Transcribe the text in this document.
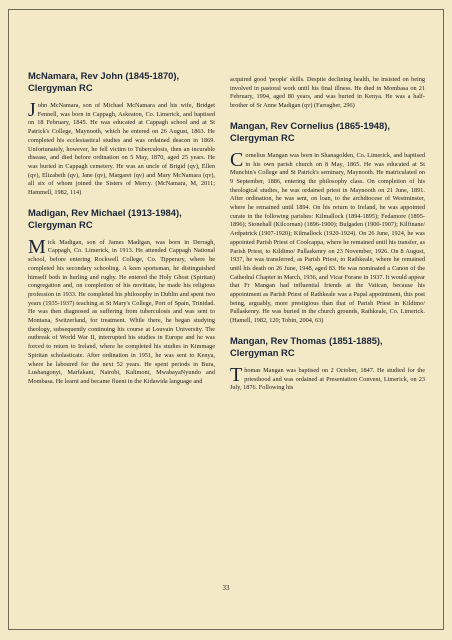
McNamara, Rev John (1845-1870), Clergyman RC

John McNamara, son of Michael McNamara and his wife, Bridget Fennell, was born in Cappagh, Askeaton, Co. Limerick, and baptised on 18 February, 1845. He was educated at Cappagh school and at St Patrick's College, Maynooth, which he entered on 26 August, 1863. He completed his ecclesiastical studies and was ordained deacon in 1869. Unfortunately, however, he fell victim to Tuberculosis, then an incurable disease, and died before ordination on 5 May, 1870, aged 25 years. He was buried in Cappagh cemetery. He was an uncle of Brigid (qv), Ellen (qv), Elizabeth (qv), Jane (qv), Margaret (qv) and Mary McNamara (qv), all six of whom joined the Sisters of Mercy. (McNamara, M, 2011; Hammell, 1982, 114)

Madigan, Rev Michael (1913-1984), Clergyman RC

Mick Madigan, son of James Madigan, was born in Derragh, Cappagh, Co. Limerick, in 1913. He attended Cappagh National school, before entering Rockwell College, Co. Tipperary, where he completed his secondary schooling. A keen sportsman, he distinguished himself both in hurling and rugby. He entered the Holy Ghost (Spiritan) congregation and, on completion of his novitiate, he made his religious profession in 1933. He completed his philosophy in Dublin and spent two years (1935-1937) teaching at St Mary's College, Port of Spain, Trinidad. He was then diagnosed as suffering from tuberculosis and was sent to Montana, Switzerland, for treatment. While there, he began studying theology, subsequently continuing his course at Louvain University. The outbreak of World War II, interrupted his studies in Europe and he was forced to return to Ireland, where he completed his studies in Kimmage Spiritan scholasticate. After ordination in 1951, he was sent to Kenya, where he laboured for the next 52 years. He spent periods in Bura, Lushangonyi, Marfakani, Nairobi, Kalimoni, MwabayaNyundo and Mombasa. He learnt and became fluent in the Kidawida language and

acquired good 'people' skills. Despite declining health, he insisted on being involved in pastoral work until his final illness. He died in Mombasa on 21 February, 1994, aged 80 years, and was buried in Kenya. He was a half-brother of Sr Anne Madigan (qv) (Farragher, 296)

Mangan, Rev Cornelius (1865-1948), Clergyman RC

Cornelius Mangan was born in Shanagolden, Co. Limerick, and baptised in his own parish church on 8 May, 1865. He was educated at St Munchin's College and St Patrick's seminary, Maynooth. He matriculated on 9 September, 1886, entering the philosophy class. On completion of his theological studies, he was ordained priest in Maynooth on 21 June, 1891. After ordination, he was sent, on loan, to the archdiocese of Westminster, where he remained until 1894. On his return to Ireland, he was appointed curate in the following parishes: Kilmallock (1894-1895); Fedamore (1895-1896); Stonehall (Kilcornan) (1896-1900); Bulgaden (1900-1907); Kilfinane/ Ardpatrick (1907-1920); Kilmallock (1920-1924). On 26 June, 1924, he was appointed Parish Priest of Coolcappa, where he remained until his transfer, as Parish Priest, to Kildimo/ Pallaskenry on 23 November, 1926. On 8 August, 1937, he was transferred, as Parish Priest, to Rathkeale, where he remained until his death on 26 June, 1948, aged 83. He was nominated a Canon of the Cathedral Chapter in March, 1936, and Vicar Forane in 1937. It would appear that Fr Mangan had influential friends at the Vatican, because his appointment as Parish Priest of Rathkeale was a Papal appointment, this post being, arguably, more prestigious than that of Parish Priest in Kildimo/ Pallaskenry. He was buried in the church grounds, Rathkeale, Co. Limerick. (Hamell, 1982, 120; Tobin, 2004, 63)

Mangan, Rev Thomas (1851-1885), Clergyman RC

Thomas Mangan was baptised on 2 October, 1847. He studied for the priesthood and was ordained at Presentation Convent, Limerick, on 23 July, 1876. Following his

33
